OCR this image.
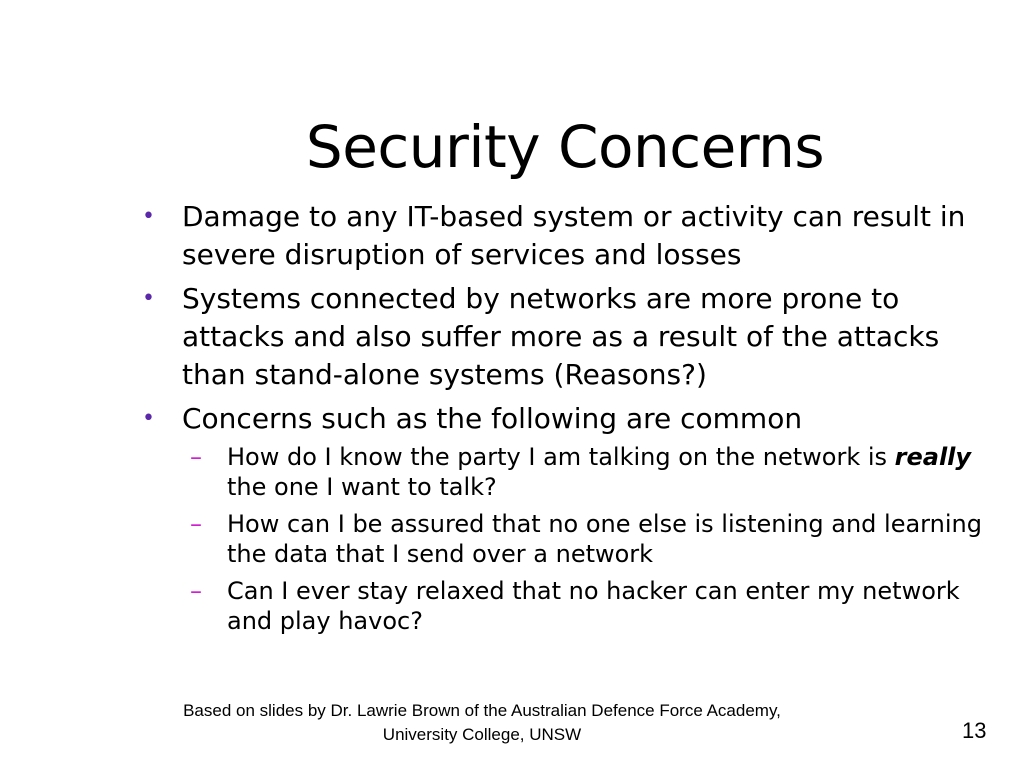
Security Concerns
• Damage to any IT-based system or activity can result in severe disruption of services and losses
• Systems connected by networks are more prone to attacks and also suffer more as a result of the attacks than stand-alone systems (Reasons?)
• Concerns such as the following are common
– How do I know the party I am talking on the network is really the one I want to talk?
– How can I be assured that no one else is listening and learning the data that I send over a network
– Can I ever stay relaxed that no hacker can enter my network and play havoc?
Based on slides by Dr. Lawrie Brown of the Australian Defence Force Academy,
University College, UNSW	13
